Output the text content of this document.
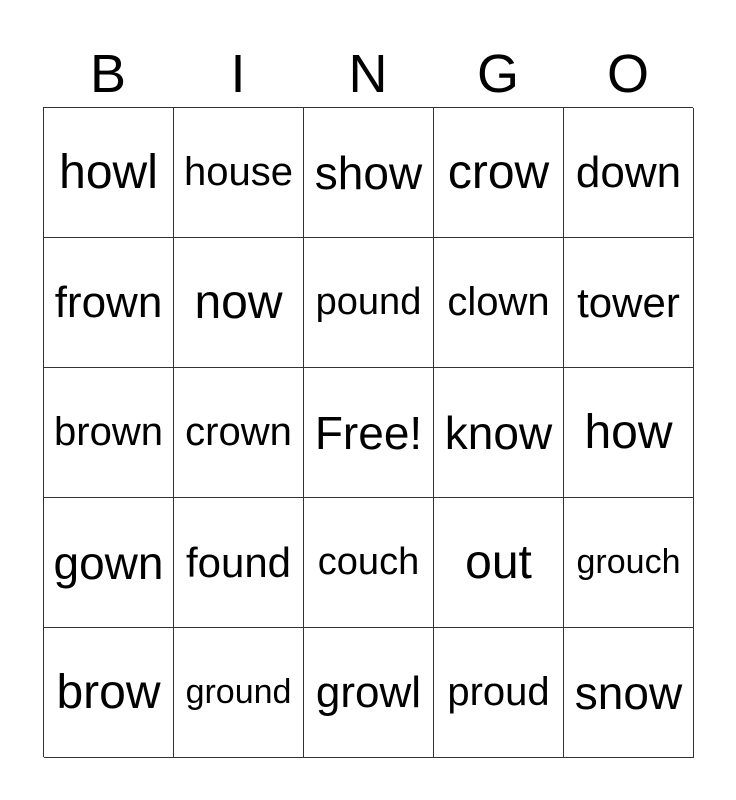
B	I	N	G	O
howl house show crow down
frown now pound clown tower
brown crown Free! know how
gown found couch out grouch
brow ground growl proud snow
